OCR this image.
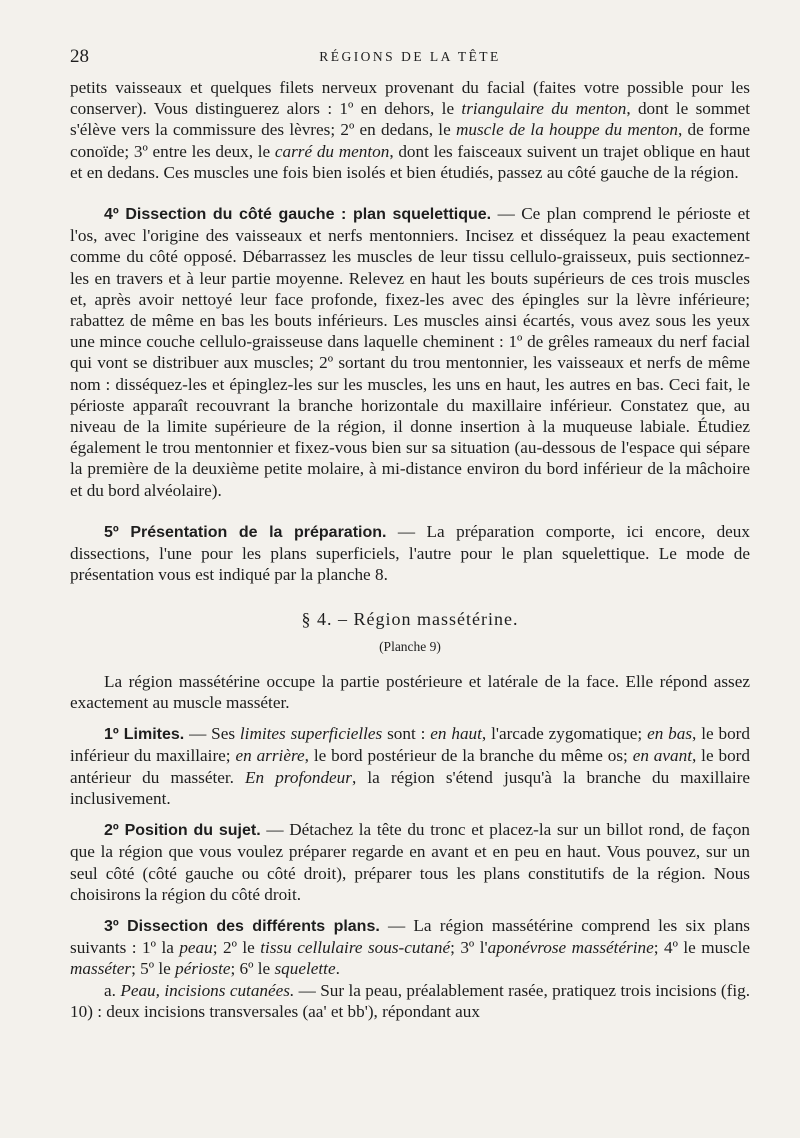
28	RÉGIONS DE LA TÊTE

petits vaisseaux et quelques filets nerveux provenant du facial (faites votre possible pour les conserver). Vous distinguerez alors : 1º en dehors, le triangulaire du menton, dont le sommet s'élève vers la commissure des lèvres; 2º en dedans, le muscle de la houppe du menton, de forme conoïde; 3º entre les deux, le carré du menton, dont les faisceaux suivent un trajet oblique en haut et en dedans. Ces muscles une fois bien isolés et bien étudiés, passez au côté gauche de la région.

4º Dissection du côté gauche : plan squelettique. — Ce plan comprend le périoste et l'os, avec l'origine des vaisseaux et nerfs mentonniers. Incisez et disséquez la peau exactement comme du côté opposé. Débarrassez les muscles de leur tissu cellulo-graisseux, puis sectionnez-les en travers et à leur partie moyenne. Relevez en haut les bouts supérieurs de ces trois muscles et, après avoir nettoyé leur face profonde, fixez-les avec des épingles sur la lèvre inférieure; rabattez de même en bas les bouts inférieurs. Les muscles ainsi écartés, vous avez sous les yeux une mince couche cellulo-graisseuse dans laquelle cheminent : 1º de grêles rameaux du nerf facial qui vont se distribuer aux muscles; 2º sortant du trou mentonnier, les vaisseaux et nerfs de même nom : disséquez-les et épinglez-les sur les muscles, les uns en haut, les autres en bas. Ceci fait, le périoste apparaît recouvrant la branche horizontale du maxillaire inférieur. Constatez que, au niveau de la limite supérieure de la région, il donne insertion à la muqueuse labiale. Étudiez également le trou mentonnier et fixez-vous bien sur sa situation (au-dessous de l'espace qui sépare la première de la deuxième petite molaire, à mi-distance environ du bord inférieur de la mâchoire et du bord alvéolaire).

5º Présentation de la préparation. — La préparation comporte, ici encore, deux dissections, l'une pour les plans superficiels, l'autre pour le plan squelettique. Le mode de présentation vous est indiqué par la planche 8.

§ 4. – Région massétérine.
(Planche 9)

La région massétérine occupe la partie postérieure et latérale de la face. Elle répond assez exactement au muscle masséter.

1º Limites. — Ses limites superficielles sont : en haut, l'arcade zygomatique; en bas, le bord inférieur du maxillaire; en arrière, le bord postérieur de la branche du même os; en avant, le bord antérieur du masséter. En profondeur, la région s'étend jusqu'à la branche du maxillaire inclusivement.

2º Position du sujet. — Détachez la tête du tronc et placez-la sur un billot rond, de façon que la région que vous voulez préparer regarde en avant et en peu en haut. Vous pouvez, sur un seul côté (côté gauche ou côté droit), préparer tous les plans constitutifs de la région. Nous choisirons la région du côté droit.

3º Dissection des différents plans. — La région massétérine comprend les six plans suivants : 1º la peau; 2º le tissu cellulaire sous-cutané; 3º l'aponévrose massétérine; 4º le muscle masséter; 5º le périoste; 6º le squelette.

a. Peau, incisions cutanées. — Sur la peau, préalablement rasée, pratiquez trois incisions (fig. 10) : deux incisions transversales (aa' et bb'), répondant aux
